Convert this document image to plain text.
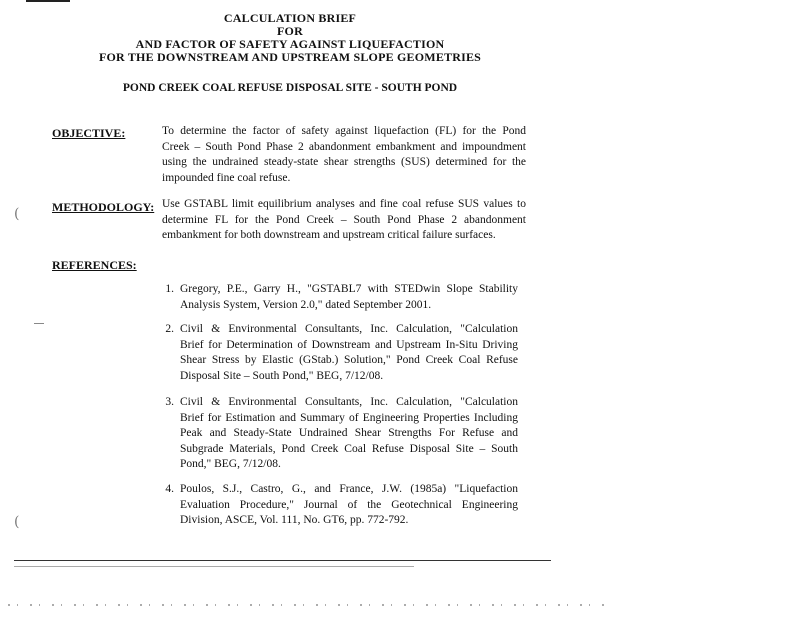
CALCULATION BRIEF
FOR
AND FACTOR OF SAFETY AGAINST LIQUEFACTION
FOR THE DOWNSTREAM AND UPSTREAM SLOPE GEOMETRIES
POND CREEK COAL REFUSE DISPOSAL SITE - SOUTH POND
OBJECTIVE:	To determine the factor of safety against liquefaction (FL) for the Pond
Creek – South Pond Phase 2 abandonment embankment and impoundment
using the undrained steady-state shear strengths (SUS) determined for the
impounded fine coal refuse.
METHODOLOGY: Use GSTABL limit equilibrium analyses and fine coal refuse SUS values to
determine FL for the Pond Creek – South Pond Phase 2 abandonment
embankment for both downstream and upstream critical failure surfaces.
REFERENCES:
1. Gregory, P.E., Garry H., "GSTABL7 with STEDwin Slope Stability
Analysis System, Version 2.0," dated September 2001.
2. Civil & Environmental Consultants, Inc. Calculation, "Calculation
Brief for Determination of Downstream and Upstream In-Situ Driving
Shear Stress by Elastic (GStab.) Solution," Pond Creek Coal Refuse
Disposal Site – South Pond," BEG, 7/12/08.
3. Civil & Environmental Consultants, Inc. Calculation, "Calculation
Brief for Estimation and Summary of Engineering Properties Including
Peak and Steady-State Undrained Shear Strengths For Refuse and
Subgrade Materials, Pond Creek Coal Refuse Disposal Site – South
Pond," BEG, 7/12/08.
4. Poulos, S.J., Castro, G., and France, J.W. (1985a) "Liquefaction
Evaluation Procedure," Journal of the Geotechnical Engineering
Division, ASCE, Vol. 111, No. GT6, pp. 772-792.
(
(
